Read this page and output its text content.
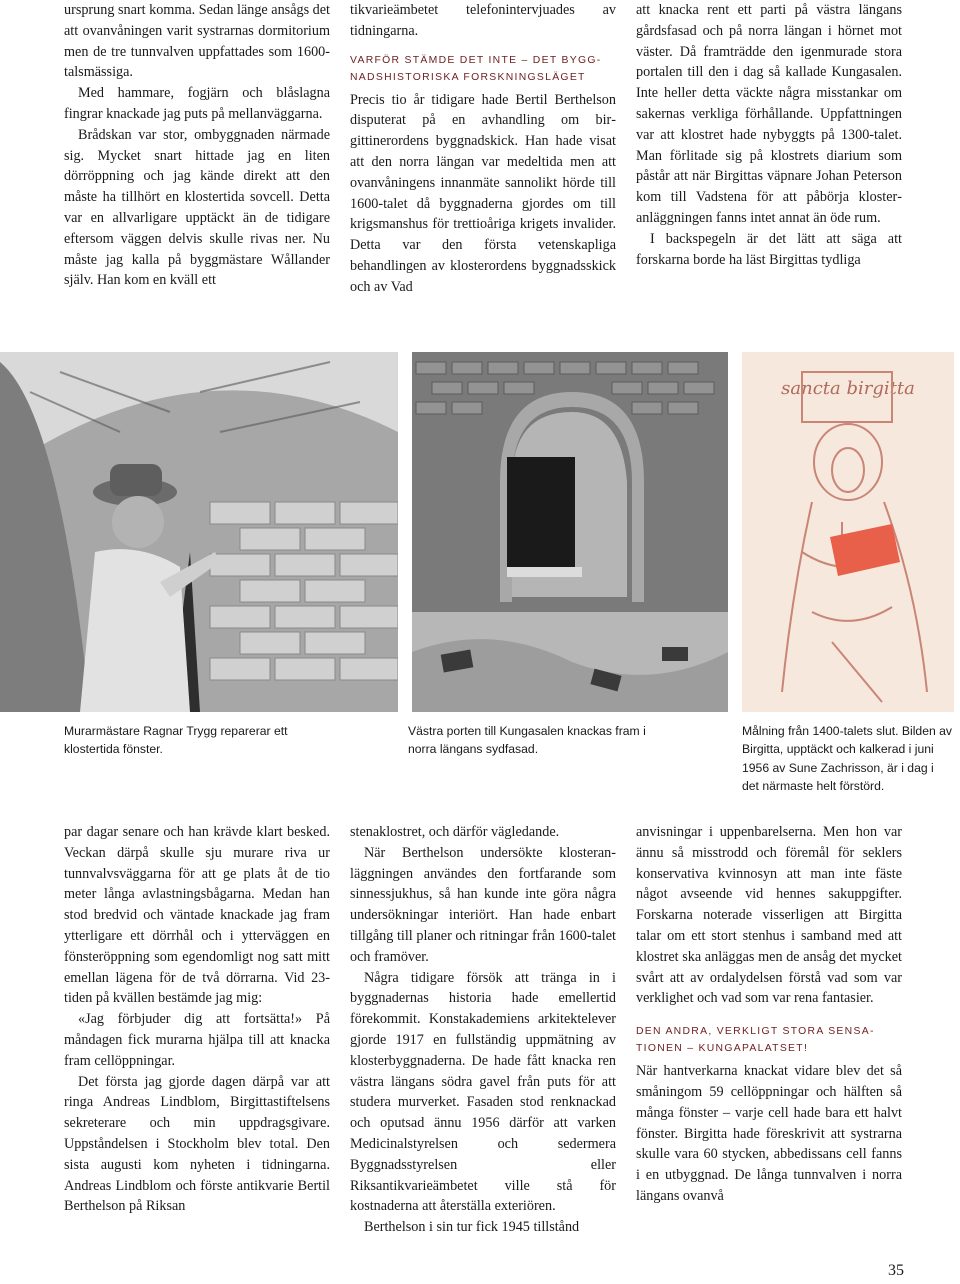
ursprung snart komma. Sedan länge ansågs det att ovanvåningen varit systrarnas dormitorium men de tre tunnvalven uppfattades som 1600-talsmässiga.

Med hammare, fogjärn och blåslagna fingrar knackade jag puts på mellanväggarna.

Brådskan var stor, ombyggnaden närmade sig. Mycket snart hittade jag en liten dörröppning och jag kände direkt att den måste ha tillhört en klostertida sovcell. Detta var en allvarligare upptäckt än de tidigare eftersom väggen delvis skulle rivas ner. Nu måste jag kalla på byggmästare Wållander själv. Han kom en kväll ett

tikvarieämbetet telefonintervjuades av tidningarna.

VARFÖR STÄMDE DET INTE – DET BYGGNADSHISTORISKA FORSKNINGSLÄGET

Precis tio år tidigare hade Bertil Berthelson disputerat på en avhandling om birgittinerordens byggnadskick. Han hade visat att den norra längan var medeltida men att ovanvåningens innanmäte sannolikt hörde till 1600-talet då byggnaderna gjordes om till krigsmanshus för trettioåriga krigets invalider. Detta var den första vetenskapliga behandlingen av klosterordens byggnadsskick och av Vad

att knacka rent ett parti på västra längans gårdsfasad och på norra längan i hörnet mot väster. Då framträdde den igenmurade stora portalen till den i dag så kallade Kungasalen. Inte heller detta väckte några misstankar om sakernas verkliga förhållande. Uppfattningen var att klostret hade nybyggts på 1300-talet. Man förlitade sig på klostrets diarium som påstår att när Birgittas väpnare Johan Peterson kom till Vadstena för att påbörja klosteranläggningen fanns intet annat än öde rum.

I backspegeln är det lätt att säga att forskarna borde ha läst Birgittas tydliga

sancta birgitta
Murarmästare Ragnar Trygg reparerar ett klostertida fönster.
Västra porten till Kungasalen knackas fram i norra längans sydfasad.
Målning från 1400-talets slut. Bilden av Birgitta, upptäckt och kalkerad i juni 1956 av Sune Zachrisson, är i dag i det närmaste helt förstörd.

par dagar senare och han krävde klart besked. Veckan därpå skulle sju murare riva ur tunnvalvsväggarna för att ge plats åt de tio meter långa avlastningsbågarna. Medan han stod bredvid och väntade knackade jag fram ytterligare ett dörrhål och i ytterväggen en fönsteröppning som egendomligt nog satt mitt emellan lägena för de två dörrarna. Vid 23-tiden på kvällen bestämde jag mig:

«Jag förbjuder dig att fortsätta!» På måndagen fick murarna hjälpa till att knacka fram cellöppningar.

Det första jag gjorde dagen därpå var att ringa Andreas Lindblom, Birgittastiftelsens sekreterare och min uppdragsgivare. Uppståndelsen i Stockholm blev total. Den sista augusti kom nyheten i tidningarna. Andreas Lindblom och förste antikvarie Bertil Berthelson på Riksan

stenaklostret, och därför vägledande.

När Berthelson undersökte klosteranläggningen användes den fortfarande som sinnessjukhus, så han kunde inte göra några undersökningar interiört. Han hade enbart tillgång till planer och ritningar från 1600-talet och framöver.

Några tidigare försök att tränga in i byggnadernas historia hade emellertid förekommit. Konstakademiens arkitektelever gjorde 1917 en fullständig uppmätning av klosterbyggnaderna. De hade fått knacka ren västra längans södra gavel från puts för att studera murverket. Fasaden stod renknackad och oputsad ännu 1956 därför att varken Medicinalstyrelsen och sedermera Byggnadsstyrelsen eller Riksantikvarieämbetet ville stå för kostnaderna att återställa exteriören.

Berthelson i sin tur fick 1945 tillstånd

anvisningar i uppenbarelserna. Men hon var ännu så misstrodd och föremål för seklers konservativa kvinnosyn att man inte fäste något avseende vid hennes sakuppgifter. Forskarna noterade visserligen att Birgitta talar om ett stort stenhus i samband med att klostret ska anläggas men de ansåg det mycket svårt att av ordalydelsen förstå vad som var verklighet och vad som var rena fantasier.

DEN ANDRA, VERKLIGT STORA SENSATIONEN – KUNGAPALATSET!

När hantverkarna knackat vidare blev det så småningom 59 cellöppningar och hälften så många fönster – varje cell hade bara ett halvt fönster. Birgitta hade föreskrivit att systrarna skulle vara 60 stycken, abbedissans cell fanns i en utbyggnad. De långa tunnvalven i norra längans ovanvå

35
